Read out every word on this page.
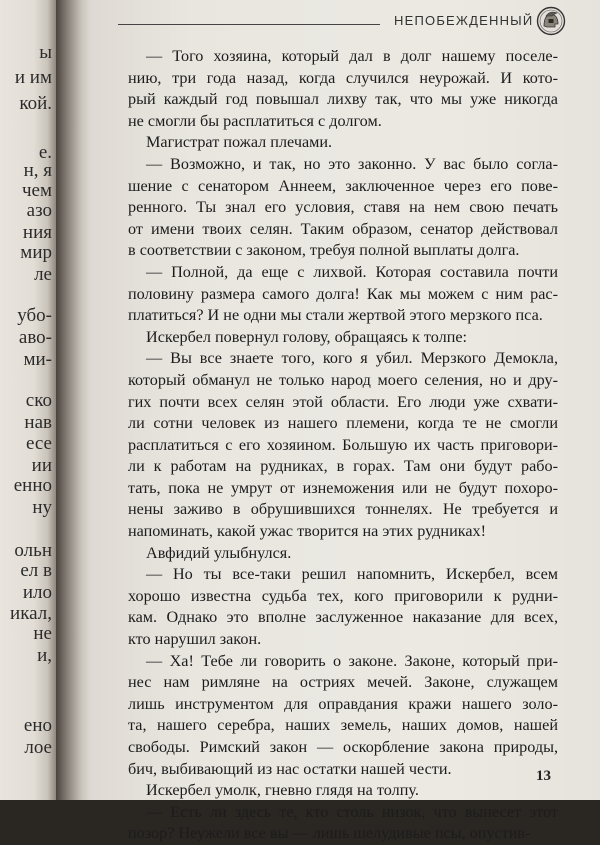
ы
и им
кой.
е.
н, я
чем
азо
ния
мир
ле
убо-
аво-
ми-
ско
нав
есе
ии
енно
ну
ольн
ел в
ило
икал,
не
и,
ено
лое
НЕПОБЕЖДЕННЫЙ
— Того хозяина, который дал в долг нашему поселе-
нию, три года назад, когда случился неурожай. И кото-
рый каждый год повышал лихву так, что мы уже никогда
не смогли бы расплатиться с долгом.
Магистрат пожал плечами.
— Возможно, и так, но это законно. У вас было согла-
шение с сенатором Аннеем, заключенное через его пове-
ренного. Ты знал его условия, ставя на нем свою печать
от имени твоих селян. Таким образом, сенатор действовал
в соответствии с законом, требуя полной выплаты долга.
— Полной, да еще с лихвой. Которая составила почти
половину размера самого долга! Как мы можем с ним рас-
платиться? И не одни мы стали жертвой этого мерзкого пса.
Искербел повернул голову, обращаясь к толпе:
— Вы все знаете того, кого я убил. Мерзкого Демокла,
который обманул не только народ моего селения, но и дру-
гих почти всех селян этой области. Его люди уже схвати-
ли сотни человек из нашего племени, когда те не смогли
расплатиться с его хозяином. Большую их часть приговори-
ли к работам на рудниках, в горах. Там они будут рабо-
тать, пока не умрут от изнеможения или не будут похоро-
нены заживо в обрушившихся тоннелях. Не требуется и
напоминать, какой ужас творится на этих рудниках!
Авфидий улыбнулся.
— Но ты все-таки решил напомнить, Искербел, всем
хорошо известна судьба тех, кого приговорили к рудни-
кам. Однако это вполне заслуженное наказание для всех,
кто нарушил закон.
— Ха! Тебе ли говорить о законе. Законе, который при-
нес нам римляне на остриях мечей. Законе, служащем
лишь инструментом для оправдания кражи нашего золо-
та, нашего серебра, наших земель, наших домов, нашей
свободы. Римский закон — оскорбление закона природы,
бич, выбивающий из нас остатки нашей чести.
Искербел умолк, гневно глядя на толпу.
— Есть ли здесь те, кто столь низок, что вынесет этот
позор? Неужели все вы — лишь шелудивые псы, опустив-
13
